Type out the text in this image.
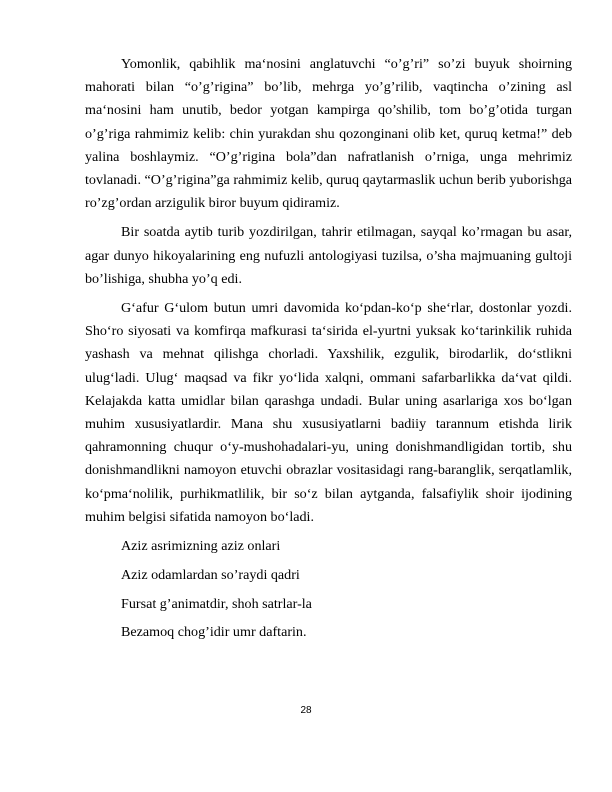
Yomonlik, qabihlik ma‘nosini anglatuvchi “o’g’ri” so’zi buyuk shoirning mahorati bilan “o’g’rigina” bo’lib, mehrga yo’g’rilib, vaqtincha o’zining asl ma‘nosini ham unutib, bedor yotgan kampirga qo’shilib, tom bo’g’otida turgan o’g’riga rahmimiz kelib: chin yurakdan shu qozonginani olib ket, quruq ketma!” deb yalina boshlaymiz. “O’g’rigina bola”dan nafratlanish o’rniga, unga mehrimiz tovlanadi. “O’g’rigina”ga rahmimiz kelib, quruq qaytarmaslik uchun berib yuborishga ro’zg’ordan arzigulik biror buyum qidiramiz.

Bir soatda aytib turib yozdirilgan, tahrir etilmagan, sayqal ko’rmagan bu asar, agar dunyo hikoyalarining eng nufuzli antologiyasi tuzilsa, o’sha majmuaning gultoji bo’lishiga, shubha yo’q edi.

G‘afur G‘ulom butun umri davomida ko‘pdan-ko‘p she‘rlar, dostonlar yozdi. Sho‘ro siyosati va komfirqa mafkurasi ta‘sirida el-yurtni yuksak ko‘tarinkilik ruhida yashash va mehnat qilishga chorladi. Yaxshilik, ezgulik, birodarlik, do‘stlikni ulug‘ladi. Ulug‘ maqsad va fikr yo‘lida xalqni, ommani safarbarlikka da‘vat qildi. Kelajakda katta umidlar bilan qarashga undadi. Bular uning asarlariga xos bo‘lgan muhim xususiyatlardir. Mana shu xususiyatlarni badiiy tarannum etishda lirik qahramonning chuqur o‘y-mushohadalari-yu, uning donishmandligidan tortib, shu donishmandlikni namoyon etuvchi obrazlar vositasidagi rang-baranglik, serqatlamlik, ko‘pma‘nolilik, purhikmatlilik, bir so‘z bilan aytganda, falsafiylik shoir ijodining muhim belgisi sifatida namoyon bo‘ladi.

Aziz asrimizning aziz onlari
Aziz odamlardan so’raydi qadri
Fursat g’animatdir, shoh satrlar-la
Bezamoq chog’idir umr daftarin.
28
